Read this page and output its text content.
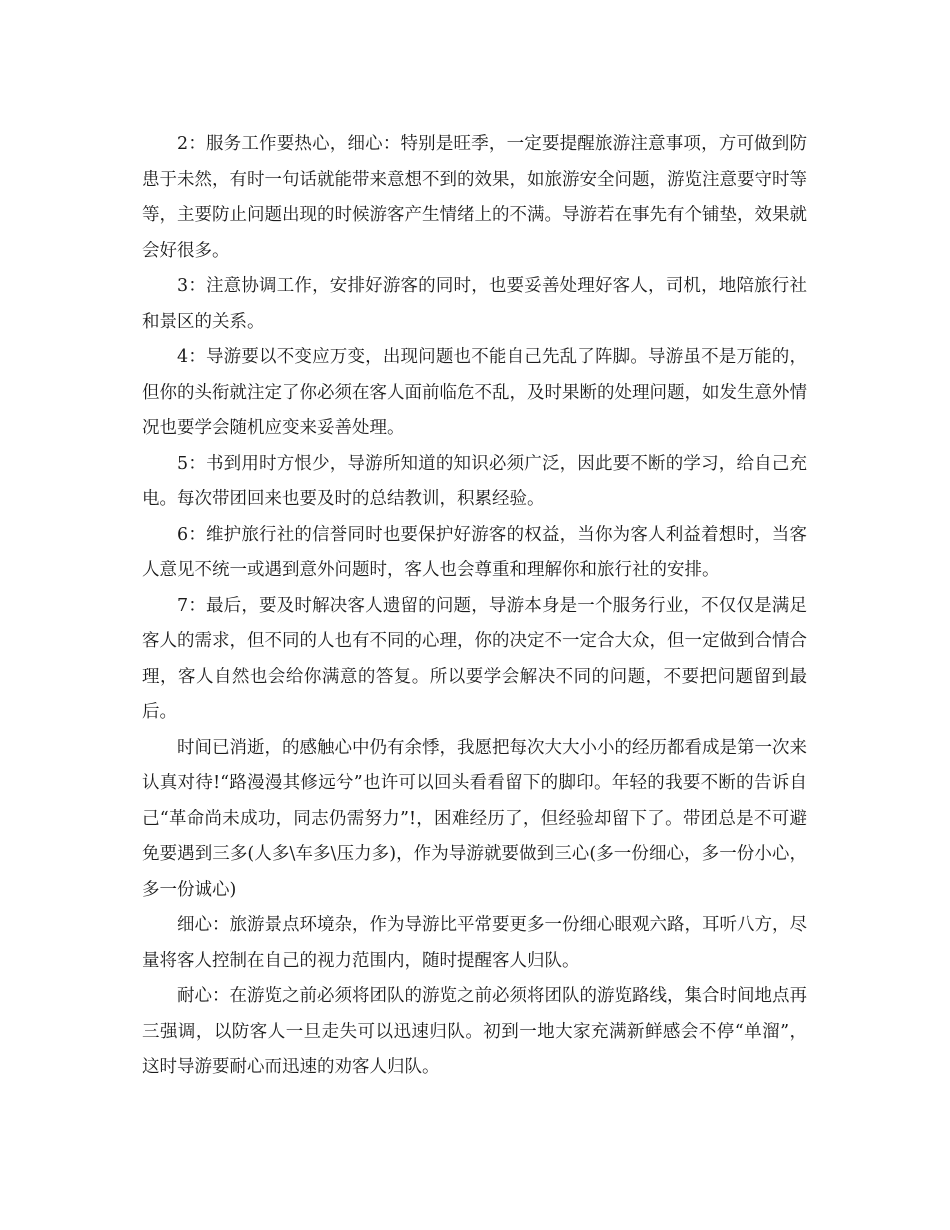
2：服务工作要热心，细心：特别是旺季，一定要提醒旅游注意事项，方可做到防患于未然，有时一句话就能带来意想不到的效果，如旅游安全问题，游览注意要守时等等，主要防止问题出现的时候游客产生情绪上的不满。导游若在事先有个铺垫，效果就会好很多。

3：注意协调工作，安排好游客的同时，也要妥善处理好客人，司机，地陪旅行社和景区的关系。

4：导游要以不变应万变，出现问题也不能自己先乱了阵脚。导游虽不是万能的，但你的头衔就注定了你必须在客人面前临危不乱，及时果断的处理问题，如发生意外情况也要学会随机应变来妥善处理。

5：书到用时方恨少，导游所知道的知识必须广泛，因此要不断的学习，给自己充电。每次带团回来也要及时的总结教训，积累经验。

6：维护旅行社的信誉同时也要保护好游客的权益，当你为客人利益着想时，当客人意见不统一或遇到意外问题时，客人也会尊重和理解你和旅行社的安排。

7：最后，要及时解决客人遗留的问题，导游本身是一个服务行业，不仅仅是满足客人的需求，但不同的人也有不同的心理，你的决定不一定合大众，但一定做到合情合理，客人自然也会给你满意的答复。所以要学会解决不同的问题，不要把问题留到最后。

时间已消逝，的感触心中仍有余悸，我愿把每次大大小小的经历都看成是第一次来认真对待!“路漫漫其修远兮”也许可以回头看看留下的脚印。年轻的我要不断的告诉自己“革命尚未成功，同志仍需努力”!，困难经历了，但经验却留下了。带团总是不可避免要遇到三多(人多\车多\压力多)，作为导游就要做到三心(多一份细心，多一份小心，多一份诚心)

细心：旅游景点环境杂，作为导游比平常要更多一份细心眼观六路，耳听八方，尽量将客人控制在自己的视力范围内，随时提醒客人归队。

耐心：在游览之前必须将团队的游览之前必须将团队的游览路线，集合时间地点再三强调，以防客人一旦走失可以迅速归队。初到一地大家充满新鲜感会不停“单溜”，这时导游要耐心而迅速的劝客人归队。
